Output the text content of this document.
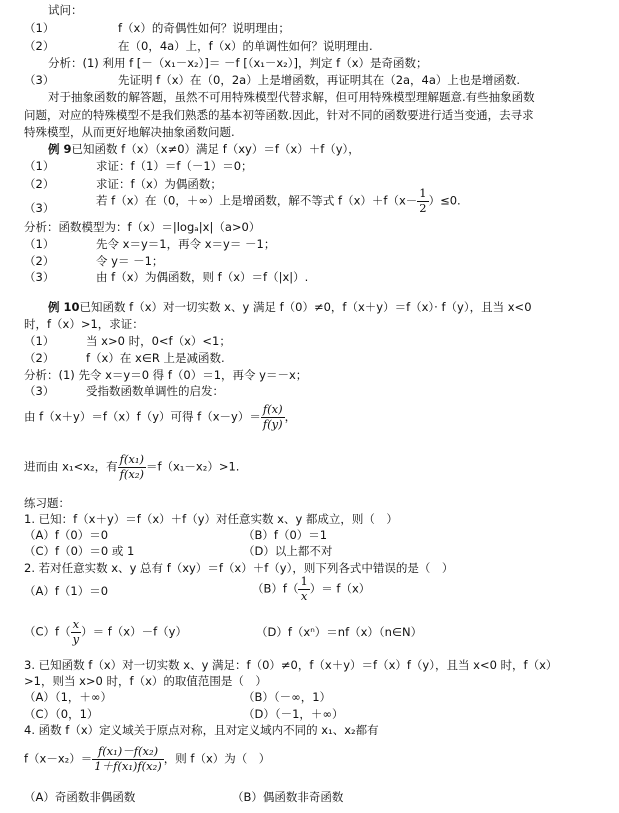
试问：
（1）	f（x）的奇偶性如何？说明理由；
（2）	在（0，4a）上，f（x）的单调性如何？说明理由.
分析：(1) 利用 f [－（x₁－x₂）]＝ －f [（x₁－x₂）]，判定 f（x）是奇函数；
（3）	先证明 f（x）在（0，2a）上是增函数，再证明其在（2a，4a）上也是增函数.
对于抽象函数的解答题，虽然不可用特殊模型代替求解，但可用特殊模型理解题意.有些抽象函数
问题，对应的特殊模型不是我们熟悉的基本初等函数.因此，针对不同的函数要进行适当变通，去寻求
特殊模型，从而更好地解决抽象函数问题.
例 9已知函数 f（x）（x≠0）满足 f（xy）＝f（x）＋f（y），
（1）	求证：f（1）＝f（－1）＝0；
（2）	求证：f（x）为偶函数；
（3）
若 f（x）在（0，＋∞）上是增函数，解不等式 $f(x)+f(x- \frac{1}{2} )\le 0$.
分析：函数模型为：f（x）＝|logₐ|x|（a>0）
（1）	先令 x＝y＝1，再令 x＝y＝ －1；
（2）	令 y＝ －1；
（3）	由 f（x）为偶函数，则 f（x）＝f（|x|）.
例 10已知函数 f（x）对一切实数 x、y 满足 f（0）≠0，f（x＋y）＝f（x）· f（y），且当 x<0
时，f（x）>1，求证：
（1）	当 x>0 时，0<f（x）<1；
（2）	f（x）在 x∈R 上是减函数.
分析：(1) 先令 x＝y＝0 得 f（0）＝1，再令 y＝－x；
（3）	受指数函数单调性的启发：
由 f（x＋y）＝f（x）f（y）可得 $f(x-y)= \frac{f(x)}{f(y)}$ ，
进而由 x₁<x₂，有 $\frac{\text{f(x₁)}}{\text{f(x₂)}} =f(x_1-x_2)>1$.
练习题：
1. 已知：f（x＋y）＝f（x）＋f（y）对任意实数 x、y 都成立，则（　）
（A）f（0）＝0	（B）f（0）＝1
（C）f（0）＝0 或 1	（D）以上都不对
2. 若对任意实数 x、y 总有 f（xy）＝f（x）＋f（y），则下列各式中错误的是（　）
（A）f（1）＝0	$(B)f( \frac{1}{x}$ ）＝ f（x）
$(C)f( \frac{x}{y}$ ）＝ f（x）－f（y）	（D）f（xⁿ）＝nf（x）（n∈N）
3. 已知函数 f（x）对一切实数 x、y 满足：f（0）≠0，f（x＋y）＝f（x）f（y），且当 x<0 时，f（x）
>1，则当 x>0 时，f（x）的取值范围是（　）
（A）（1，＋∞）	（B）（－∞，1）
（C）（0，1）	（D）（－1，＋∞）
4. 函数 f（x）定义域关于原点对称，且对定义域内不同的 x₁、x₂都有
$f(x-x_2)= \frac{\text{f(x₁)－f(x₂)}}{\text{1＋f(x₁)f(x₂)}}$ ，则 f（x）为（　）
（A）奇函数非偶函数	（B）偶函数非奇函数
